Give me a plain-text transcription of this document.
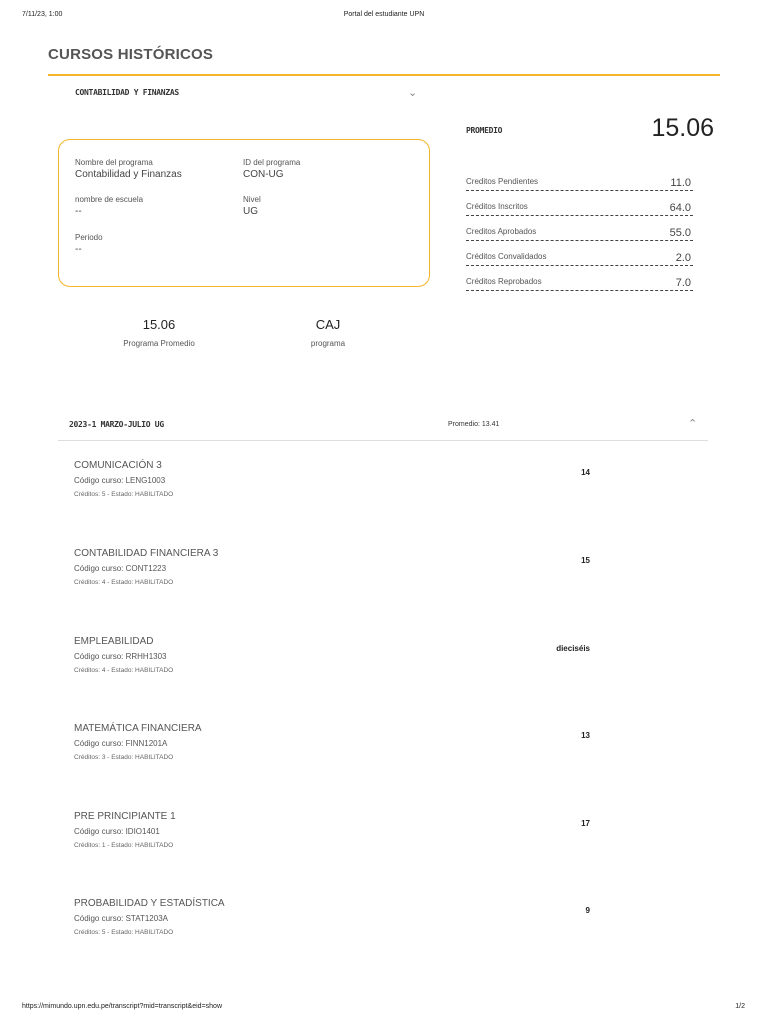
7/11/23, 1:00	Portal del estudiante UPN
CURSOS HISTÓRICOS
CONTABILIDAD Y FINANZAS	⌄
Nombre del programa
Contabilidad y Finanzas
ID del programa
CON-UG
nombre de escuela
--
Nivel
UG
Periodo
--
PROMEDIO	15.06
Creditos Pendientes	11.0
Créditos Inscritos	64.0
Creditos Aprobados	55.0
Créditos Convalidados	2.0
Créditos Reprobados	7.0
15.06
Programa Promedio
CAJ
programa
2023-1 MARZO-JULIO UG	Promedio: 13.41	⌃
COMUNICACIÓN 3
Código curso: LENG1003
Créditos: 5 - Estado: HABILITADO
14
CONTABILIDAD FINANCIERA 3
Código curso: CONT1223
Créditos: 4 - Estado: HABILITADO
15
EMPLEABILIDAD
Código curso: RRHH1303
Créditos: 4 - Estado: HABILITADO
dieciséis
MATEMÁTICA FINANCIERA
Código curso: FINN1201A
Créditos: 3 - Estado: HABILITADO
13
PRE PRINCIPIANTE 1
Código curso: IDIO1401
Créditos: 1 - Estado: HABILITADO
17
PROBABILIDAD Y ESTADÍSTICA
Código curso: STAT1203A
Créditos: 5 - Estado: HABILITADO
9
https://mimundo.upn.edu.pe/transcript?mid=transcript&eid=show	1/2
